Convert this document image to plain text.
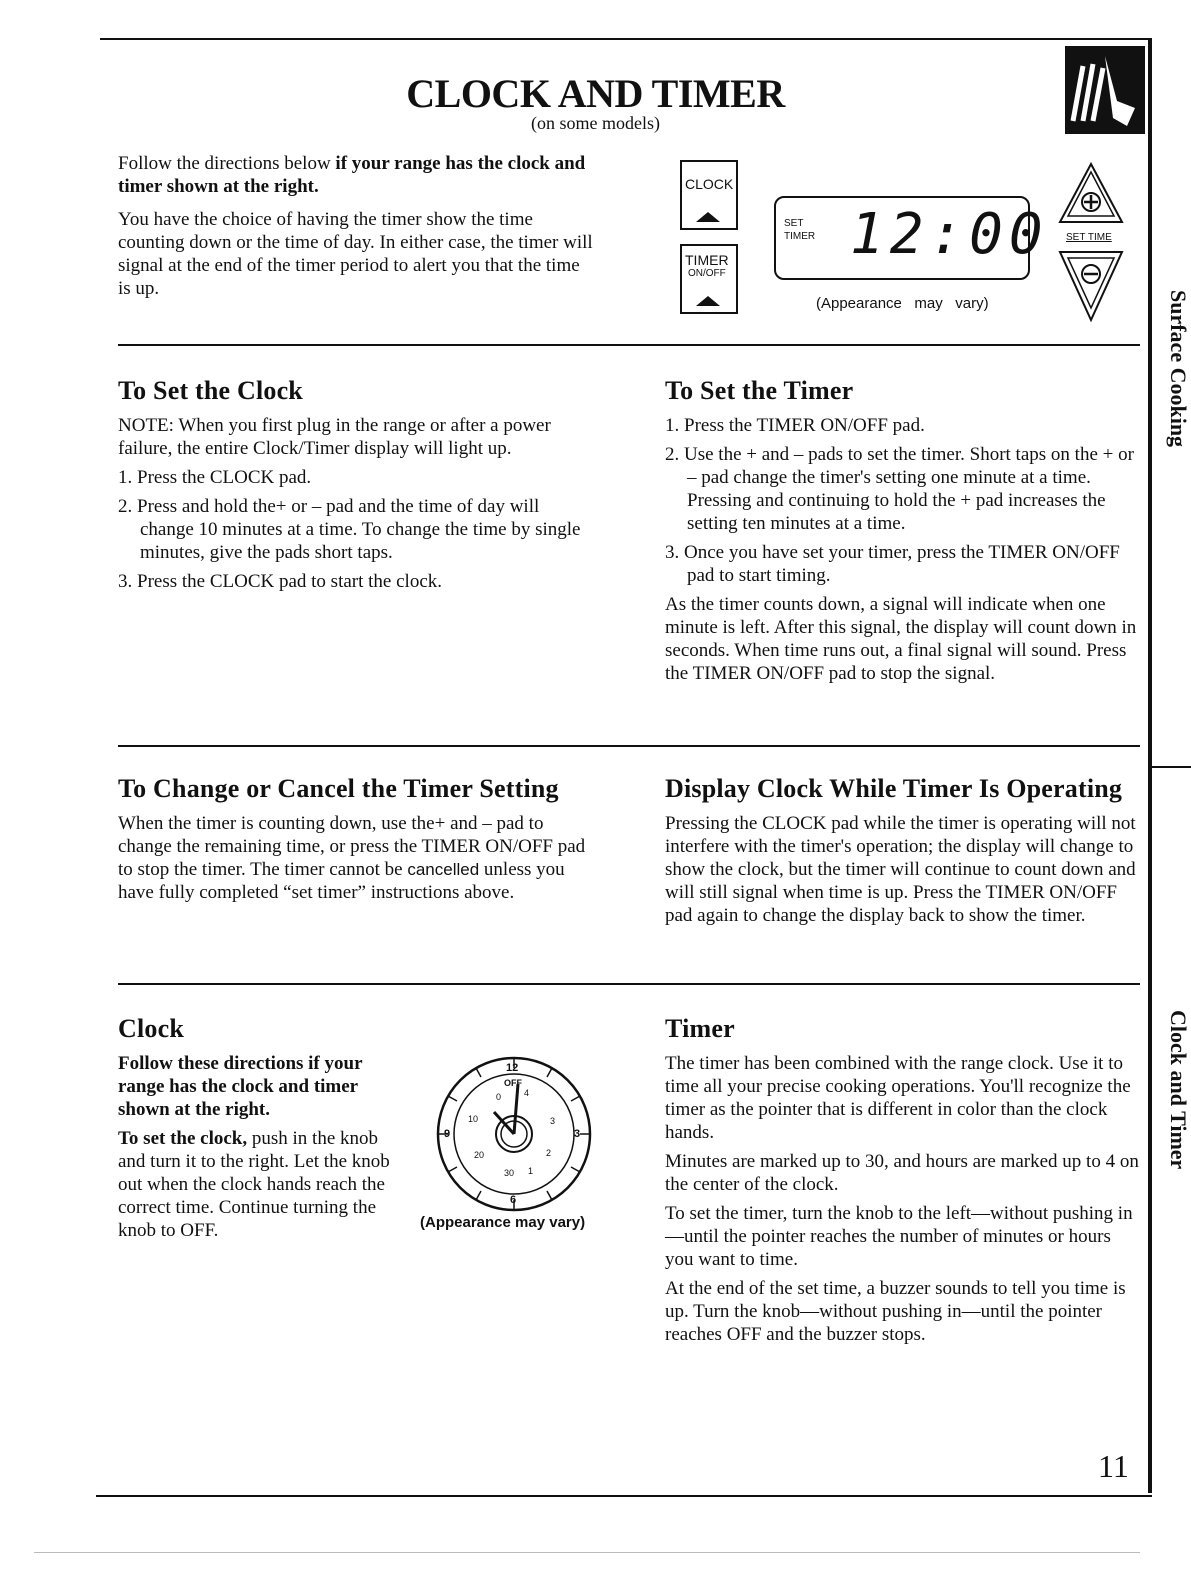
Surface Cooking
Clock and Timer
CLOCK AND TIMER
(on some models)

Follow the directions below if your range has the clock and timer shown at the right.

You have the choice of having the timer show the time counting down or the time of day. In either case, the timer will signal at the end of the timer period to alert you that the time is up.

CLOCK
TIMER
ON/OFF
SET
TIMER 12:00
(Appearance   may   vary)
SET TIME
To Set the Clock

NOTE: When you first plug in the range or after a power failure, the entire Clock/Timer display will light up.

1. Press the CLOCK pad.
2. Press and hold the+ or – pad and the time of day will change 10 minutes at a time. To change the time by single minutes, give the pads short taps.
3. Press the CLOCK pad to start the clock.
To Set the Timer
1. Press the TIMER ON/OFF pad.
2. Use the + and – pads to set the timer. Short taps on the + or – pad change the timer's setting one minute at a time. Pressing and continuing to hold the + pad increases the setting ten minutes at a time.
3. Once you have set your timer, press the TIMER ON/OFF pad to start timing.

As the timer counts down, a signal will indicate when one minute is left. After this signal, the display will count down in seconds. When time runs out, a final signal will sound. Press the TIMER ON/OFF pad to stop the signal.

To Change or Cancel the Timer Setting

When the timer is counting down, use the+ and – pad to change the remaining time, or press the TIMER ON/OFF pad to stop the timer. The timer cannot be cancelled unless you have fully completed “set timer” instructions above.

Display Clock While Timer Is Operating

Pressing the CLOCK pad while the timer is operating will not interfere with the timer's operation; the display will change to show the clock, but the timer will continue to count down and will still signal when time is up. Press the TIMER ON/OFF pad again to change the display back to show the timer.

Clock

Follow these directions if your range has the clock and timer shown at the right.

To set the clock, push in the knob and turn it to the right. Let the knob out when the clock hands reach the correct time. Continue turning the knob to OFF.

12
3
6
9
OFF
0
10
20
30 1
2
3
4
(Appearance may vary)
Timer

The timer has been combined with the range clock. Use it to time all your precise cooking operations. You'll recognize the timer as the pointer that is different in color than the clock hands.

Minutes are marked up to 30, and hours are marked up to 4 on the center of the clock.

To set the timer, turn the knob to the left—without pushing in—until the pointer reaches the number of minutes or hours you want to time.

At the end of the set time, a buzzer sounds to tell you time is up. Turn the knob—without pushing in—until the pointer reaches OFF and the buzzer stops.

11
